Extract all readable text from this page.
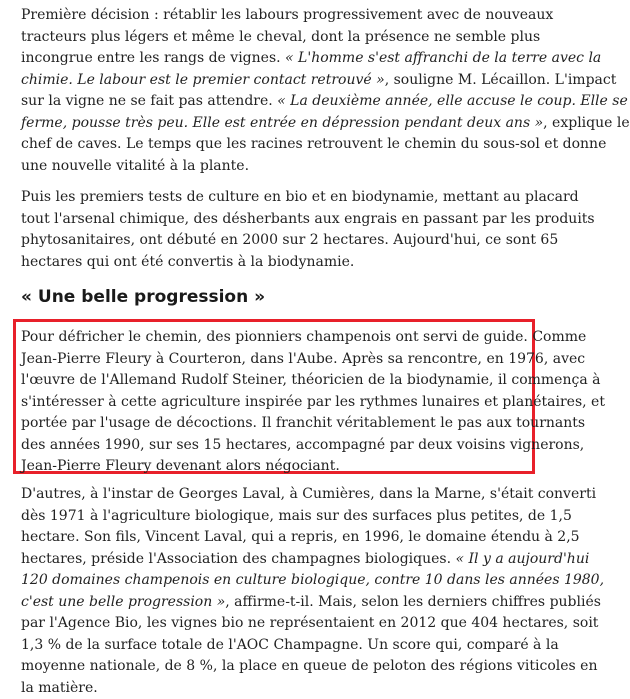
Première décision : rétablir les labours progressivement avec de nouveaux
tracteurs plus légers et même le cheval, dont la présence ne semble plus
incongrue entre les rangs de vignes. « L'homme s'est affranchi de la terre avec la
chimie. Le labour est le premier contact retrouvé », souligne M. Lécaillon. L'impact
sur la vigne ne se fait pas attendre. « La deuxième année, elle accuse le coup. Elle se
ferme, pousse très peu. Elle est entrée en dépression pendant deux ans », explique le
chef de caves. Le temps que les racines retrouvent le chemin du sous-sol et donne
une nouvelle vitalité à la plante.
Puis les premiers tests de culture en bio et en biodynamie, mettant au placard
tout l'arsenal chimique, des désherbants aux engrais en passant par les produits
phytosanitaires, ont débuté en 2000 sur 2 hectares. Aujourd'hui, ce sont 65
hectares qui ont été convertis à la biodynamie.
« Une belle progression »
Pour défricher le chemin, des pionniers champenois ont servi de guide. Comme
Jean-Pierre Fleury à Courteron, dans l'Aube. Après sa rencontre, en 1976, avec
l'œuvre de l'Allemand Rudolf Steiner, théoricien de la biodynamie, il commença à
s'intéresser à cette agriculture inspirée par les rythmes lunaires et planétaires, et
portée par l'usage de décoctions. Il franchit véritablement le pas aux tournants
des années 1990, sur ses 15 hectares, accompagné par deux voisins vignerons,
Jean-Pierre Fleury devenant alors négociant.
D'autres, à l'instar de Georges Laval, à Cumières, dans la Marne, s'était converti
dès 1971 à l'agriculture biologique, mais sur des surfaces plus petites, de 1,5
hectare. Son fils, Vincent Laval, qui a repris, en 1996, le domaine étendu à 2,5
hectares, préside l'Association des champagnes biologiques. « Il y a aujourd'hui
120 domaines champenois en culture biologique, contre 10 dans les années 1980,
c'est une belle progression », affirme-t-il. Mais, selon les derniers chiffres publiés
par l'Agence Bio, les vignes bio ne représentaient en 2012 que 404 hectares, soit
1,3 % de la surface totale de l'AOC Champagne. Un score qui, comparé à la
moyenne nationale, de 8 %, la place en queue de peloton des régions viticoles en
la matière.
